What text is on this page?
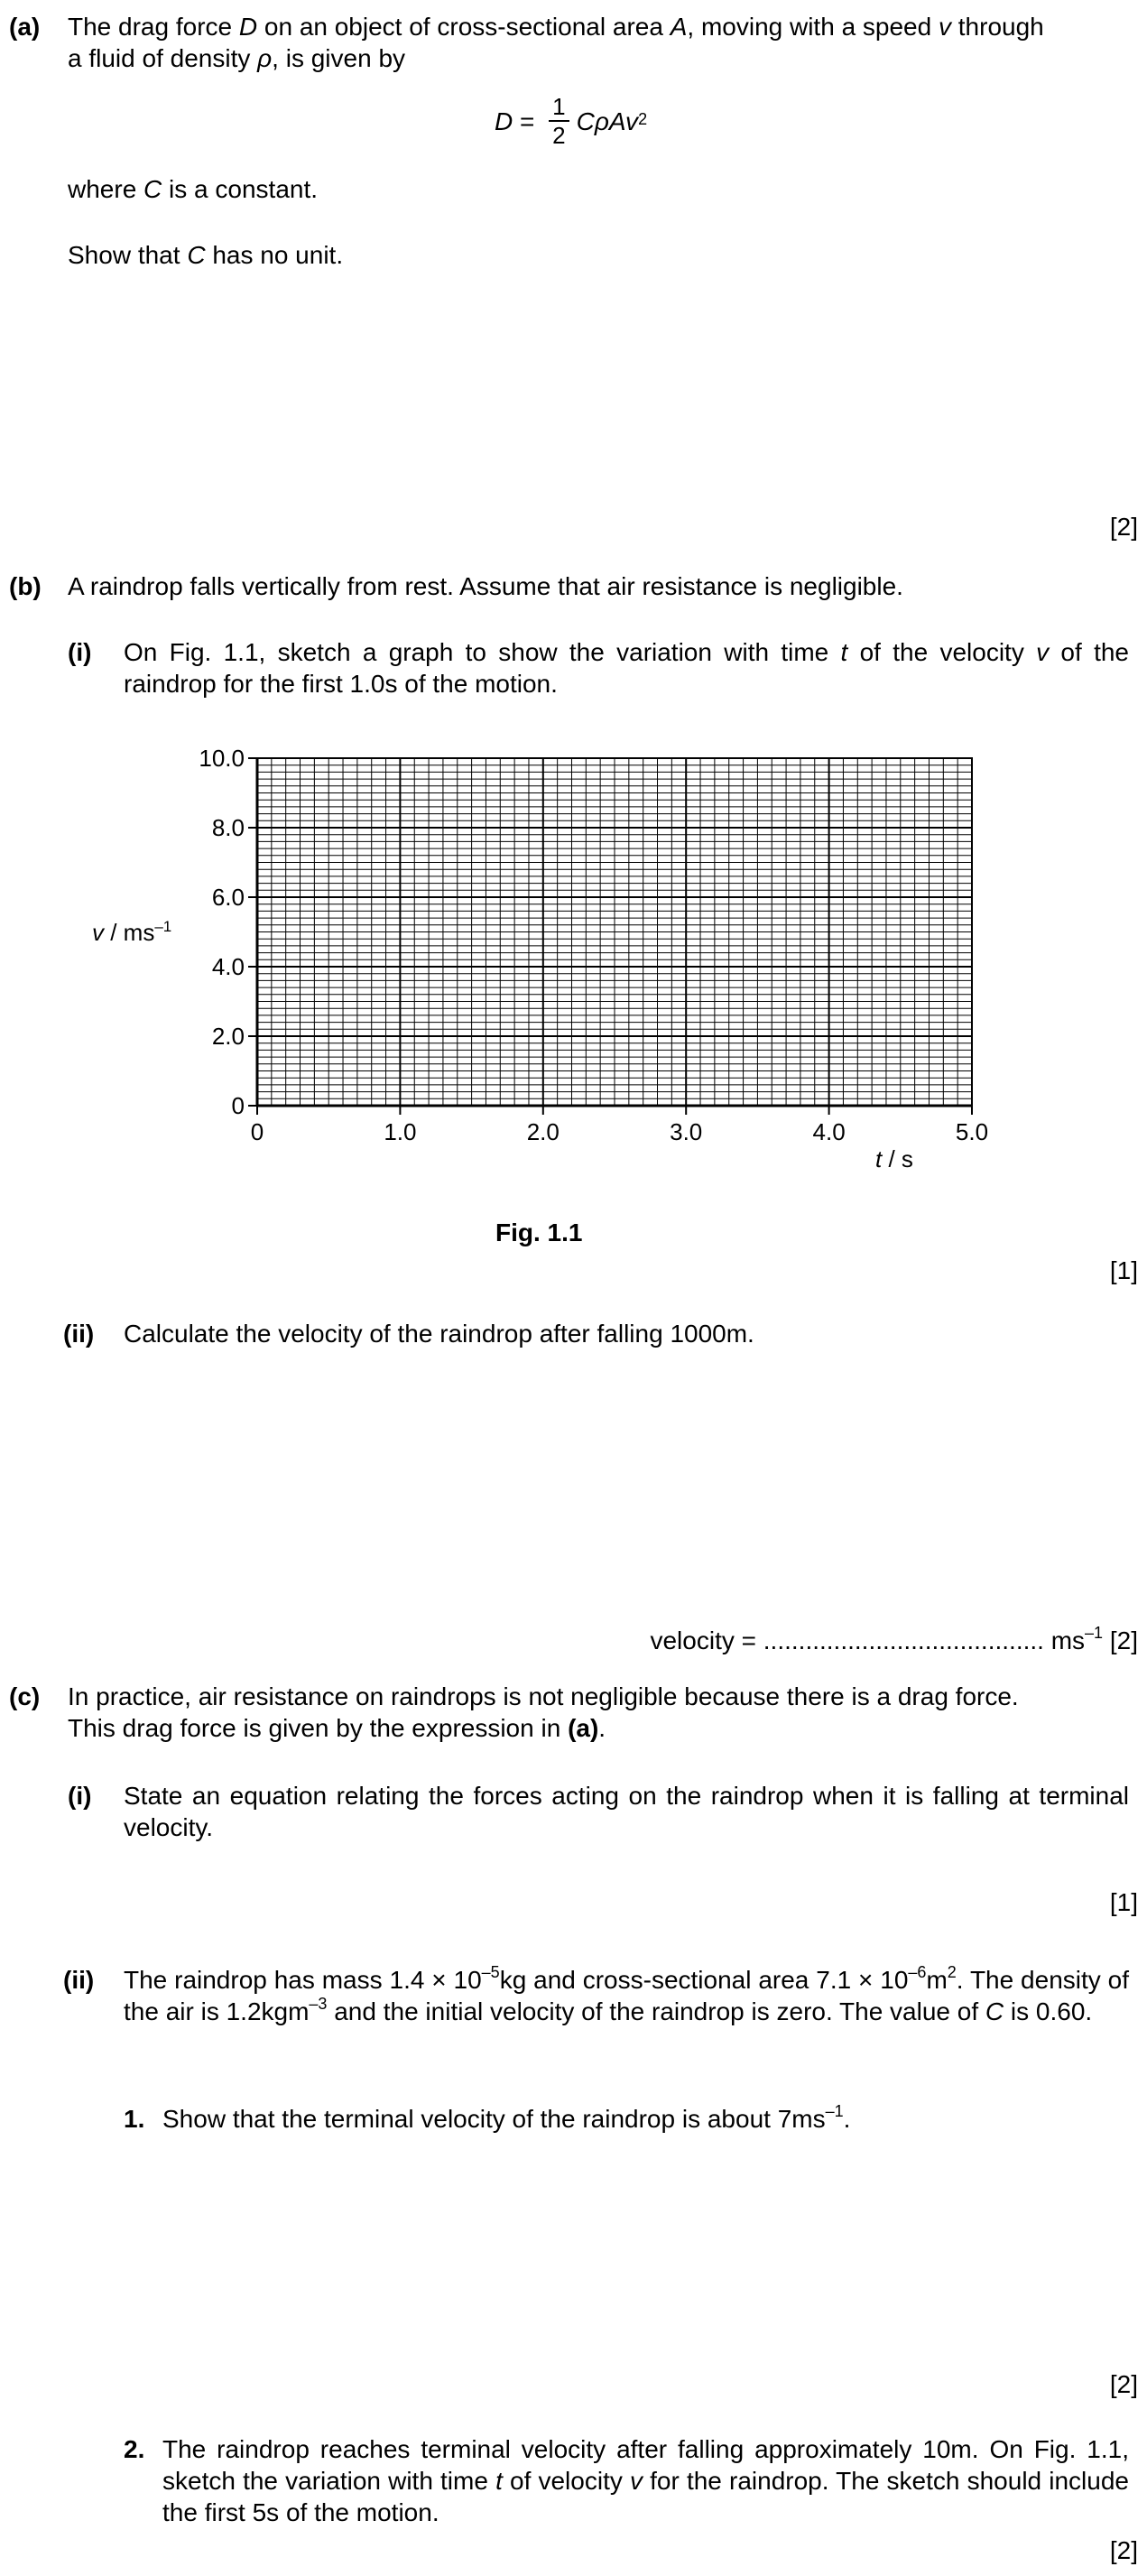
(a) The drag force D on an object of cross-sectional area A, moving with a speed v through
a fluid of density ρ, is given by
$D = \frac{1}{2} C\rho Av^2$
where C is a constant.
Show that C has no unit.
[2]
(b) A raindrop falls vertically from rest. Assume that air resistance is negligible.
(i) On Fig. 1.1, sketch a graph to show the variation with time t of the velocity v of the raindrop for the first 1.0s of the motion.
0
2.0
4.0
6.0
8.0
10.0
0	1.0	2.0	3.0	4.0	5.0
v / $ms^{-1}$
t / s
Fig. 1.1
[1]
(ii) Calculate the velocity of the raindrop after falling 1000m.
velocity = ........................................ $ms^{-1}$ [2]
(c) In practice, air resistance on raindrops is not negligible because there is a drag force.
This drag force is given by the expression in (a).
(i) State an equation relating the forces acting on the raindrop when it is falling at terminal velocity.
[1]
(ii) The raindrop has mass $1.4 \times 10^{-5}kg$ and cross-sectional area $7.1 \times 10^{-6}m^2$. The density of the air is 1.2kgm$^{-3}$ and the initial velocity of the raindrop is zero. The value of C is 0.60.
1. Show that the terminal velocity of the raindrop is about $7ms^{-1}$.
[2]
2. The raindrop reaches terminal velocity after falling approximately 10m. On Fig. 1.1, sketch the variation with time t of velocity v for the raindrop. The sketch should include the first 5s of the motion.
[2]
